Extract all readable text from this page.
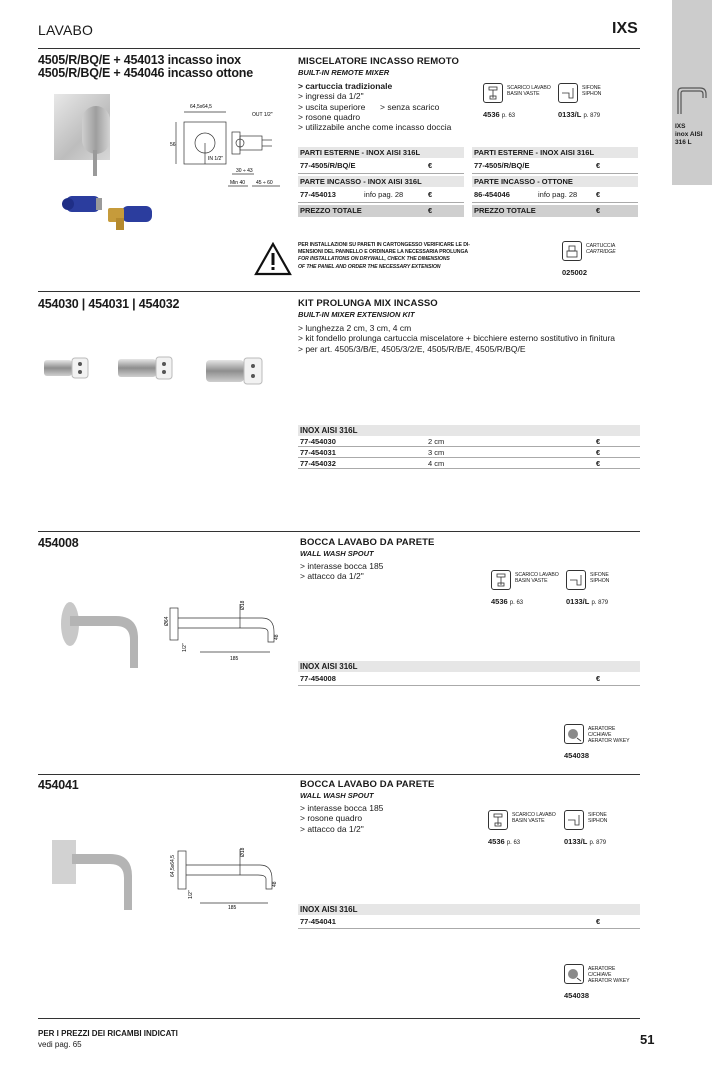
LAVABO	IXS
IXS
inox AISI
316 L
4505/R/BQ/E + 454013 incasso inox
4505/R/BQ/E + 454046 incasso ottone
64,5x64,5
OUT 1/2"
IN 1/2"
56
30 ÷ 43
Min 40 45 ÷ 60
MISCELATORE INCASSO REMOTO
BUILT-IN REMOTE MIXER
> cartuccia tradizionale
> ingressi da 1/2"
> uscita superiore > senza scarico
> rosone quadro
> utilizzabile anche come incasso doccia
SCARICO LAVABO
BASIN VASTE
4536 p. 63
SIFONE
SIPHON
0133/L p. 879
PARTI ESTERNE - INOX AISI 316L
77-4505/R/BQ/E	€
PARTE INCASSO - INOX AISI 316L
77-454013	info pag. 28	€
PREZZO TOTALE	€
PARTI ESTERNE - INOX AISI 316L
77-4505/R/BQ/E	€
PARTE INCASSO - OTTONE
86-454046	info pag. 28	€
PREZZO TOTALE	€
PER INSTALLAZIONI SU PARETI IN CARTONGESSO VERIFICARE LE DI-
MENSIONI DEL PANNELLO E ORDINARE LA NECESSARIA PROLUNGA
FOR INSTALLATIONS ON DRYWALL, CHECK THE DIMENSIONS
OF THE PANEL AND ORDER THE NECESSARY EXTENSION
CARTUCCIA
CARTRIDGE
025002
454030 | 454031 | 454032	KIT PROLUNGA MIX INCASSO
BUILT-IN MIXER EXTENSION KIT
> lunghezza 2 cm, 3 cm, 4 cm
> kit fondello prolunga cartuccia miscelatore + bicchiere esterno sostitutivo in finitura
> per art. 4505/3/B/E, 4505/3/2/E, 4505/R/B/E, 4505/R/BQ/E
INOX AISI 316L
77-454030	2 cm	€
77-454031	3 cm	€
77-454032	4 cm	€
454008	BOCCA LAVABO DA PARETE
WALL WASH SPOUT
> interasse bocca 185
> attacco da 1/2"
Ø64
Ø18
48
185
1/2"
SCARICO LAVABO
BASIN VASTE
4536 p. 63
SIFONE
SIPHON
0133/L p. 879
INOX AISI 316L
77-454008	€
AERATORE C/CHIAVE
AERATOR W/KEY
454038
454041	BOCCA LAVABO DA PARETE
WALL WASH SPOUT
> interasse bocca 185
> rosone quadro
> attacco da 1/2"
64,5x64,5
Ø18
48
185
1/2"
SCARICO LAVABO
BASIN VASTE
4536 p. 63
SIFONE
SIPHON
0133/L p. 879
INOX AISI 316L
77-454041	€
AERATORE C/CHIAVE
AERATOR W/KEY
454038
PER I PREZZI DEI RICAMBI INDICATI
vedi pag. 65	51
